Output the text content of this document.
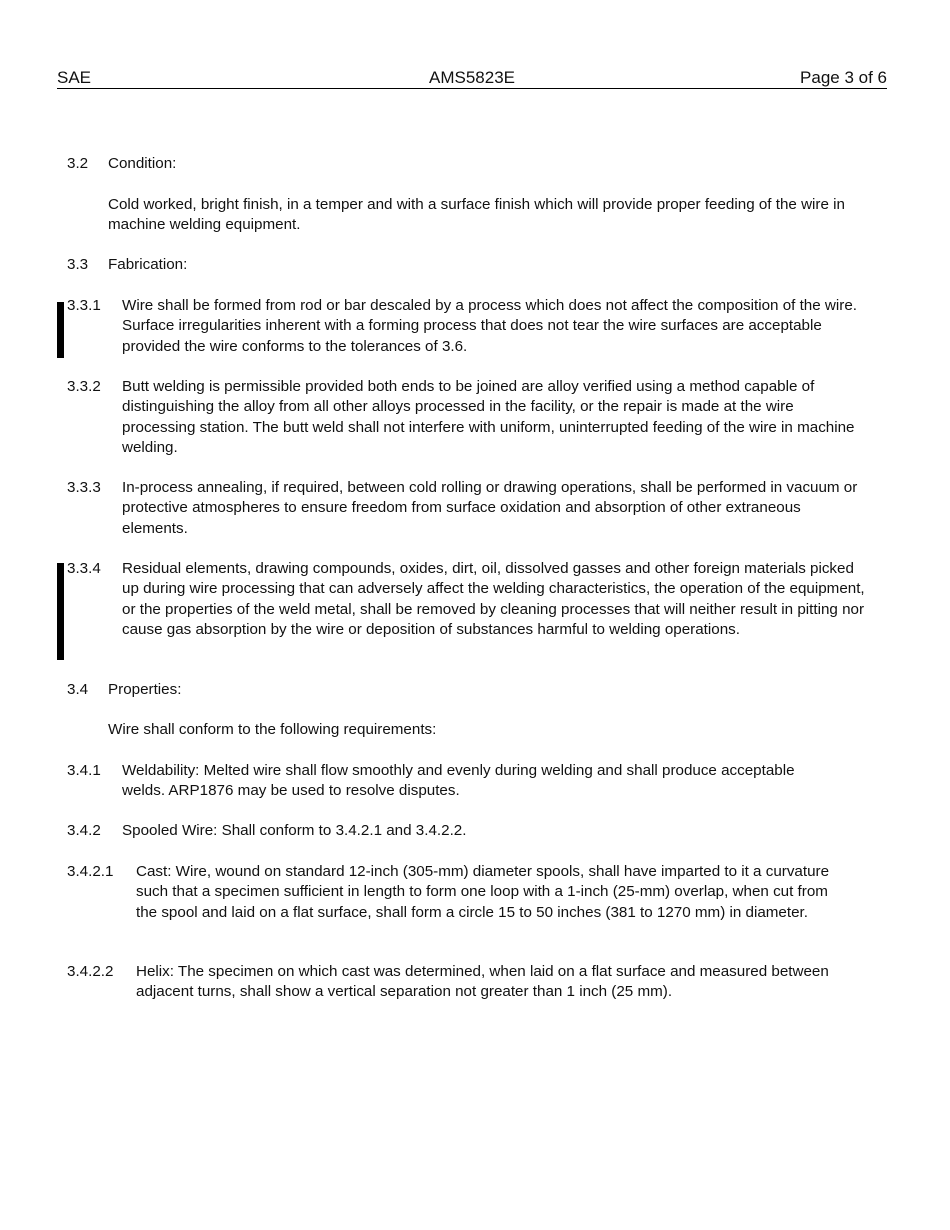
SAE	AMS5823E	Page 3 of 6
3.2 Condition:
Cold worked, bright finish, in a temper and with a surface finish which will provide proper feeding of the wire in machine welding equipment.
3.3 Fabrication:
3.3.1 Wire shall be formed from rod or bar descaled by a process which does not affect the composition of the wire. Surface irregularities inherent with a forming process that does not tear the wire surfaces are acceptable provided the wire conforms to the tolerances of 3.6.
3.3.2 Butt welding is permissible provided both ends to be joined are alloy verified using a method capable of distinguishing the alloy from all other alloys processed in the facility, or the repair is made at the wire processing station. The butt weld shall not interfere with uniform, uninterrupted feeding of the wire in machine welding.
3.3.3 In-process annealing, if required, between cold rolling or drawing operations, shall be performed in vacuum or protective atmospheres to ensure freedom from surface oxidation and absorption of other extraneous elements.
3.3.4 Residual elements, drawing compounds, oxides, dirt, oil, dissolved gasses and other foreign materials picked up during wire processing that can adversely affect the welding characteristics, the operation of the equipment, or the properties of the weld metal, shall be removed by cleaning processes that will neither result in pitting nor cause gas absorption by the wire or deposition of substances harmful to welding operations.
3.4 Properties:
Wire shall conform to the following requirements:
3.4.1 Weldability: Melted wire shall flow smoothly and evenly during welding and shall produce acceptable welds. ARP1876 may be used to resolve disputes.
3.4.2 Spooled Wire: Shall conform to 3.4.2.1 and 3.4.2.2.
3.4.2.1 Cast: Wire, wound on standard 12-inch (305-mm) diameter spools, shall have imparted to it a curvature such that a specimen sufficient in length to form one loop with a 1-inch (25-mm) overlap, when cut from the spool and laid on a flat surface, shall form a circle 15 to 50 inches (381 to 1270 mm) in diameter.
3.4.2.2 Helix: The specimen on which cast was determined, when laid on a flat surface and measured between adjacent turns, shall show a vertical separation not greater than 1 inch (25 mm).
